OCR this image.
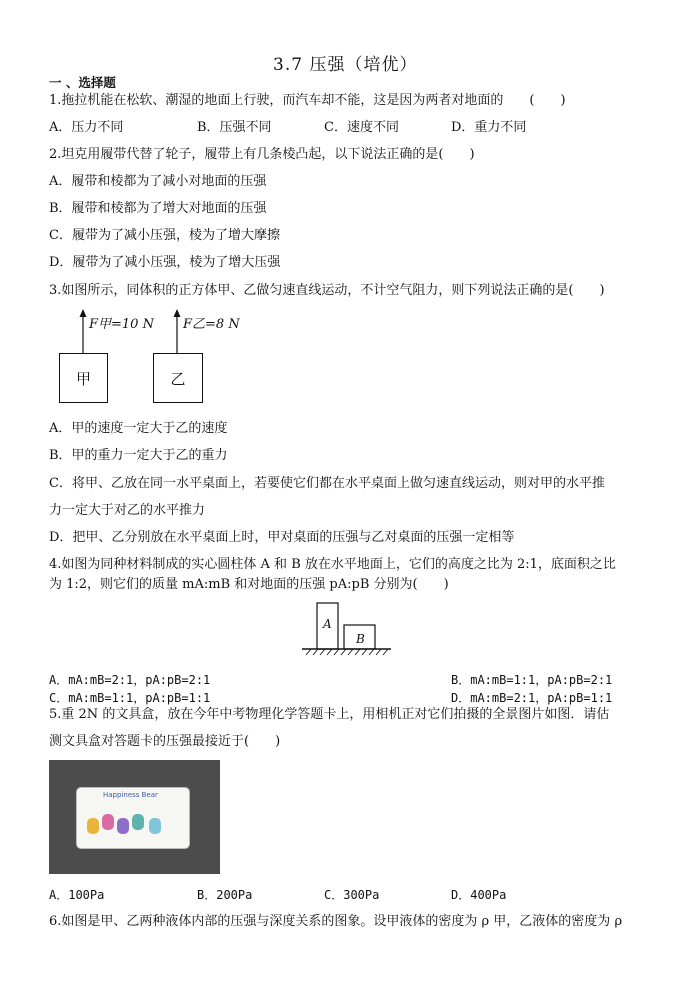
3.7 压强（培优）
一 、选择题
1.拖拉机能在松软、潮湿的地面上行驶，而汽车却不能，这是因为两者对地面的　　(　　)
A．压力不同	B．压强不同	C．速度不同	D．重力不同
2.坦克用履带代替了轮子，履带上有几条棱凸起，以下说法正确的是(　　)
A．履带和棱都为了减小对地面的压强
B．履带和棱都为了增大对地面的压强
C．履带为了减小压强，棱为了增大摩擦
D．履带为了减小压强，棱为了增大压强
3.如图所示，同体积的正方体甲、乙做匀速直线运动，不计空气阻力，则下列说法正确的是(　　)
F甲=10 N F乙=8 N
甲	乙
A．甲的速度一定大于乙的速度
B．甲的重力一定大于乙的重力
C．将甲、乙放在同一水平桌面上，若要使它们都在水平桌面上做匀速直线运动，则对甲的水平推
力一定大于对乙的水平推力
D．把甲、乙分别放在水平桌面上时，甲对桌面的压强与乙对桌面的压强一定相等
4.如图为同种材料制成的实心圆柱体 A 和 B 放在水平地面上，它们的高度之比为 2:1，底面积之比
为 1:2，则它们的质量 mA:mB 和对地面的压强 pA:pB 分别为(　　)
A
B
A．mA:mB=2:1，pA:pB=2:1	B．mA:mB=1:1，pA:pB=2:1
C．mA:mB=1:1，pA:pB=1:1	D．mA:mB=2:1，pA:pB=1:1
5.重 2N 的文具盒，放在今年中考物理化学答题卡上，用相机正对它们拍摄的全景图片如图．请估
测文具盒对答题卡的压强最接近于(　　)
Happiness Bear
A．100Pa	B．200Pa	C．300Pa	D．400Pa
6.如图是甲、乙两种液体内部的压强与深度关系的图象。设甲液体的密度为 ρ 甲，乙液体的密度为 ρ
